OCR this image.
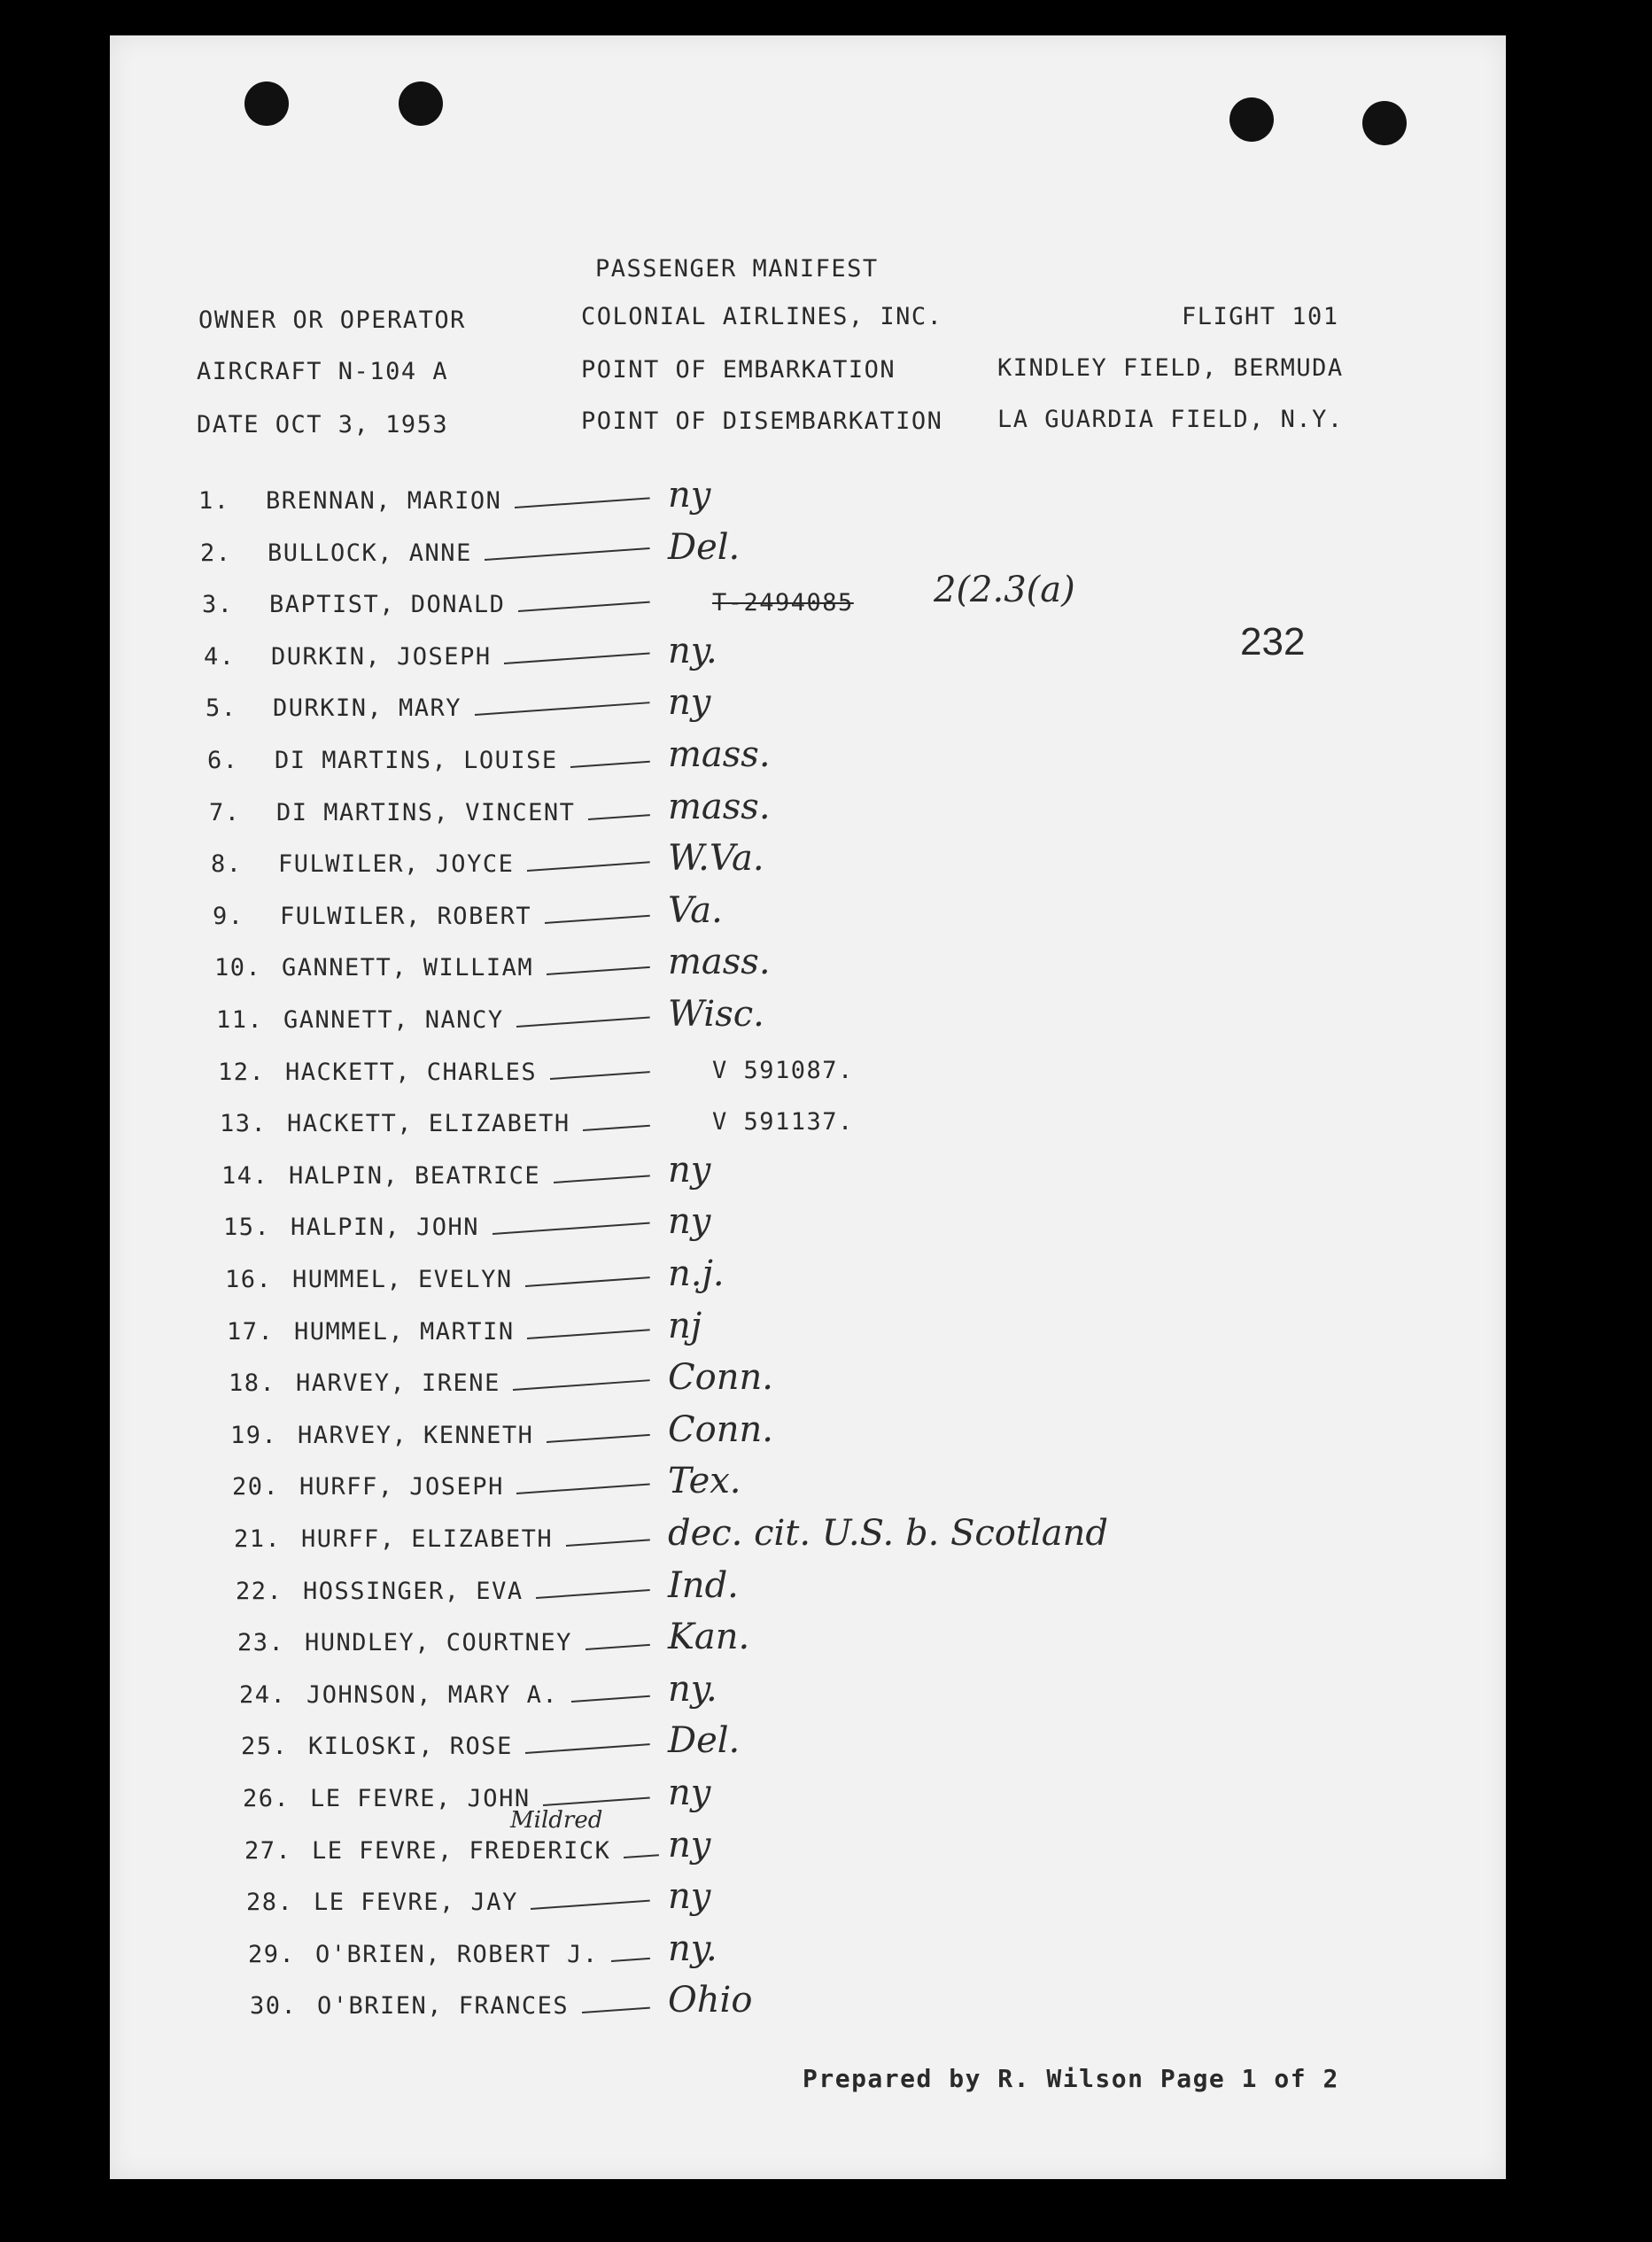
PASSENGER MANIFEST
OWNER OR OPERATOR	COLONIAL AIRLINES, INC.	FLIGHT 101
AIRCRAFT N-104 A	POINT OF EMBARKATION	KINDLEY FIELD, BERMUDA
DATE OCT 3, 1953	POINT OF DISEMBARKATION LA GUARDIA FIELD, N.Y.
232
1. BRENNAN, MARION	ny
2. BULLOCK, ANNE	Del.
3. BAPTIST, DONALD	T-2494085 2(2.3(a)
4. DURKIN, JOSEPH	ny.
5. DURKIN, MARY	ny
6. DI MARTINS, LOUISE	mass.
7. DI MARTINS, VINCENT	mass.
8. FULWILER, JOYCE	W.Va.
9. FULWILER, ROBERT	Va.
10. GANNETT, WILLIAM	mass.
11. GANNETT, NANCY	Wisc.
12. HACKETT, CHARLES	V 591087.
13. HACKETT, ELIZABETH	V 591137.
14. HALPIN, BEATRICE	ny
15. HALPIN, JOHN	ny
16. HUMMEL, EVELYN	n.j.
17. HUMMEL, MARTIN	nj
18. HARVEY, IRENE	Conn.
19. HARVEY, KENNETH	Conn.
20. HURFF, JOSEPH	Tex.
21. HURFF, ELIZABETH	dec. cit. U.S. b. Scotland
22. HOSSINGER, EVA	Ind.
23. HUNDLEY, COURTNEY	Kan.
24. JOHNSON, MARY A.	ny.
25. KILOSKI, ROSE	Del.
26. LE FEVRE, JOHN	ny
27. LE FEVRE, FREDERICK ny
Mildred
28. LE FEVRE, JAY	ny
29. O'BRIEN, ROBERT J. ny.
30. O'BRIEN, FRANCES	Ohio
Prepared by R. Wilson Page 1 of 2
